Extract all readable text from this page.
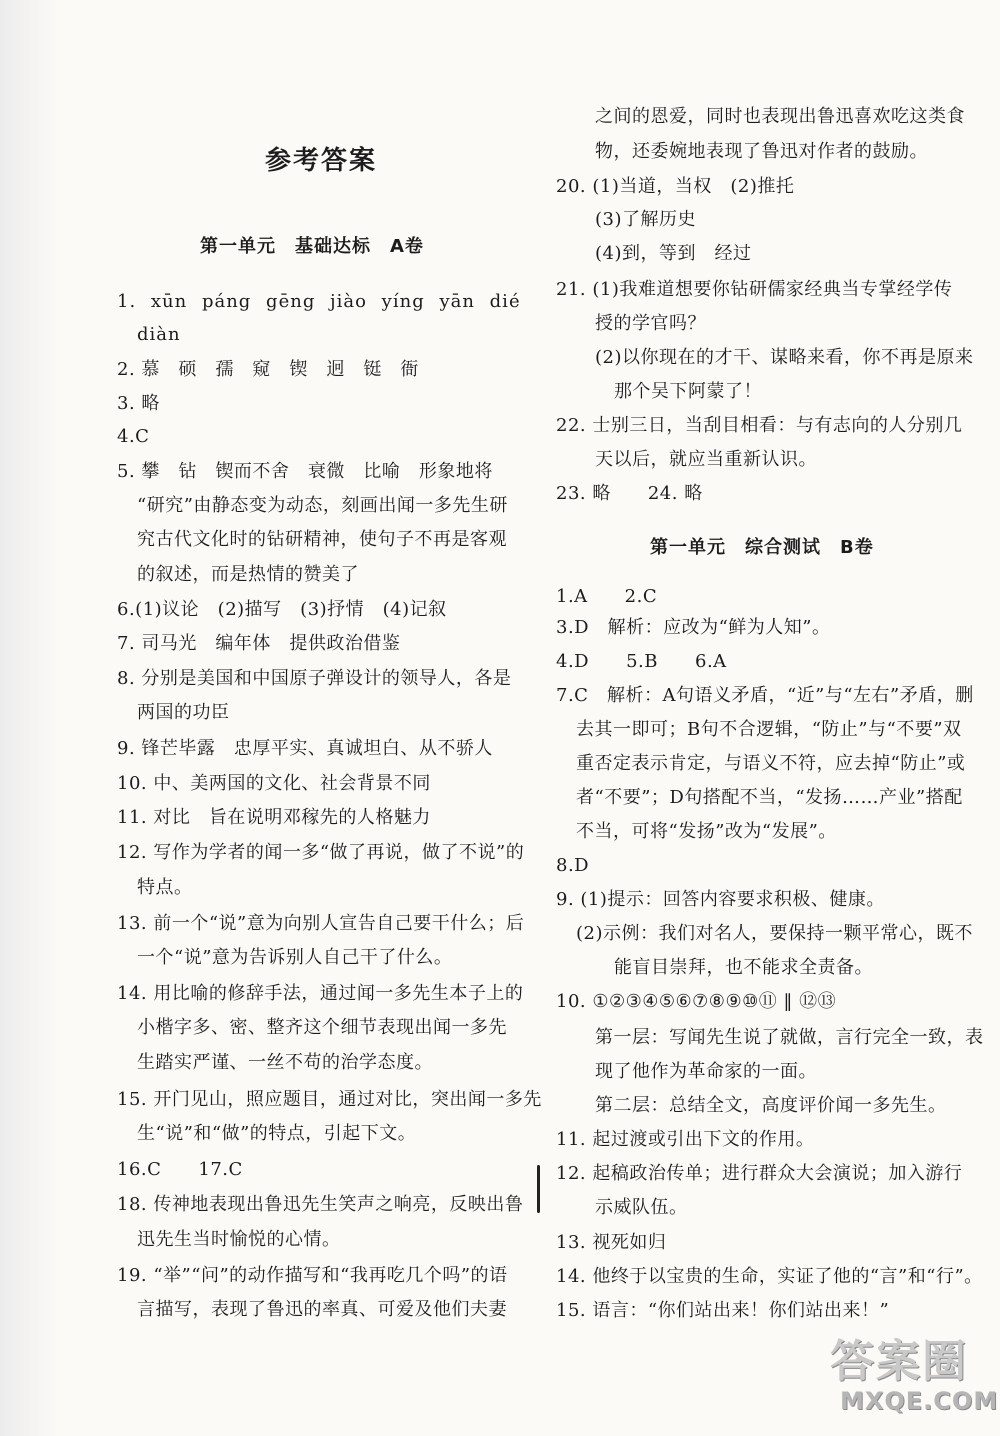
参考答案
第一单元　基础达标　A卷
1. xūn páng gēng jiào yíng yān dié
diàn
2. 慕　硕　孺　窥　锲　迥　铤　衙
3. 略
4.C
5. 攀　钻　锲而不舍　衰微　比喻　形象地将
“研究”由静态变为动态，刻画出闻一多先生研
究古代文化时的钻研精神，使句子不再是客观
的叙述，而是热情的赞美了
6.(1)议论　(2)描写　(3)抒情　(4)记叙
7. 司马光　编年体　提供政治借鉴
8. 分别是美国和中国原子弹设计的领导人，各是
两国的功臣
9. 锋芒毕露　忠厚平实、真诚坦白、从不骄人
10. 中、美两国的文化、社会背景不同
11. 对比　旨在说明邓稼先的人格魅力
12. 写作为学者的闻一多“做了再说，做了不说”的
特点。
13. 前一个“说”意为向别人宣告自己要干什么；后
一个“说”意为告诉别人自己干了什么。
14. 用比喻的修辞手法，通过闻一多先生本子上的
小楷字多、密、整齐这个细节表现出闻一多先
生踏实严谨、一丝不苟的治学态度。
15. 开门见山，照应题目，通过对比，突出闻一多先
生“说”和“做”的特点，引起下文。
16.C　　17.C
18. 传神地表现出鲁迅先生笑声之响亮，反映出鲁
迅先生当时愉悦的心情。
19. “举”“问”的动作描写和“我再吃几个吗”的语
言描写，表现了鲁迅的率真、可爱及他们夫妻
之间的恩爱，同时也表现出鲁迅喜欢吃这类食
物，还委婉地表现了鲁迅对作者的鼓励。
20. (1)当道，当权　(2)推托
(3)了解历史
(4)到，等到　经过
21. (1)我难道想要你钻研儒家经典当专掌经学传
授的学官吗？
(2)以你现在的才干、谋略来看，你不再是原来
那个吴下阿蒙了！
22. 士别三日，当刮目相看：与有志向的人分别几
天以后，就应当重新认识。
23. 略　　24. 略
第一单元　综合测试　B卷
1.A　　2.C
3.D　解析：应改为“鲜为人知”。
4.D　　5.B　　6.A
7.C　解析：A句语义矛盾，“近”与“左右”矛盾，删
去其一即可；B句不合逻辑，“防止”与“不要”双
重否定表示肯定，与语义不符，应去掉“防止”或
者“不要”；D句搭配不当，“发扬……产业”搭配
不当，可将“发扬”改为“发展”。
8.D
9. (1)提示：回答内容要求积极、健康。
(2)示例：我们对名人，要保持一颗平常心，既不
能盲目崇拜，也不能求全责备。
10. ①②③④⑤⑥⑦⑧⑨⑩⑪ ‖ ⑫⑬
第一层：写闻先生说了就做，言行完全一致，表
现了他作为革命家的一面。
第二层：总结全文，高度评价闻一多先生。
11. 起过渡或引出下文的作用。
12. 起稿政治传单；进行群众大会演说；加入游行
示威队伍。
13. 视死如归
14. 他终于以宝贵的生命，实证了他的“言”和“行”。
15. 语言：“你们站出来！你们站出来！”
答案圈
MXQE.COM
